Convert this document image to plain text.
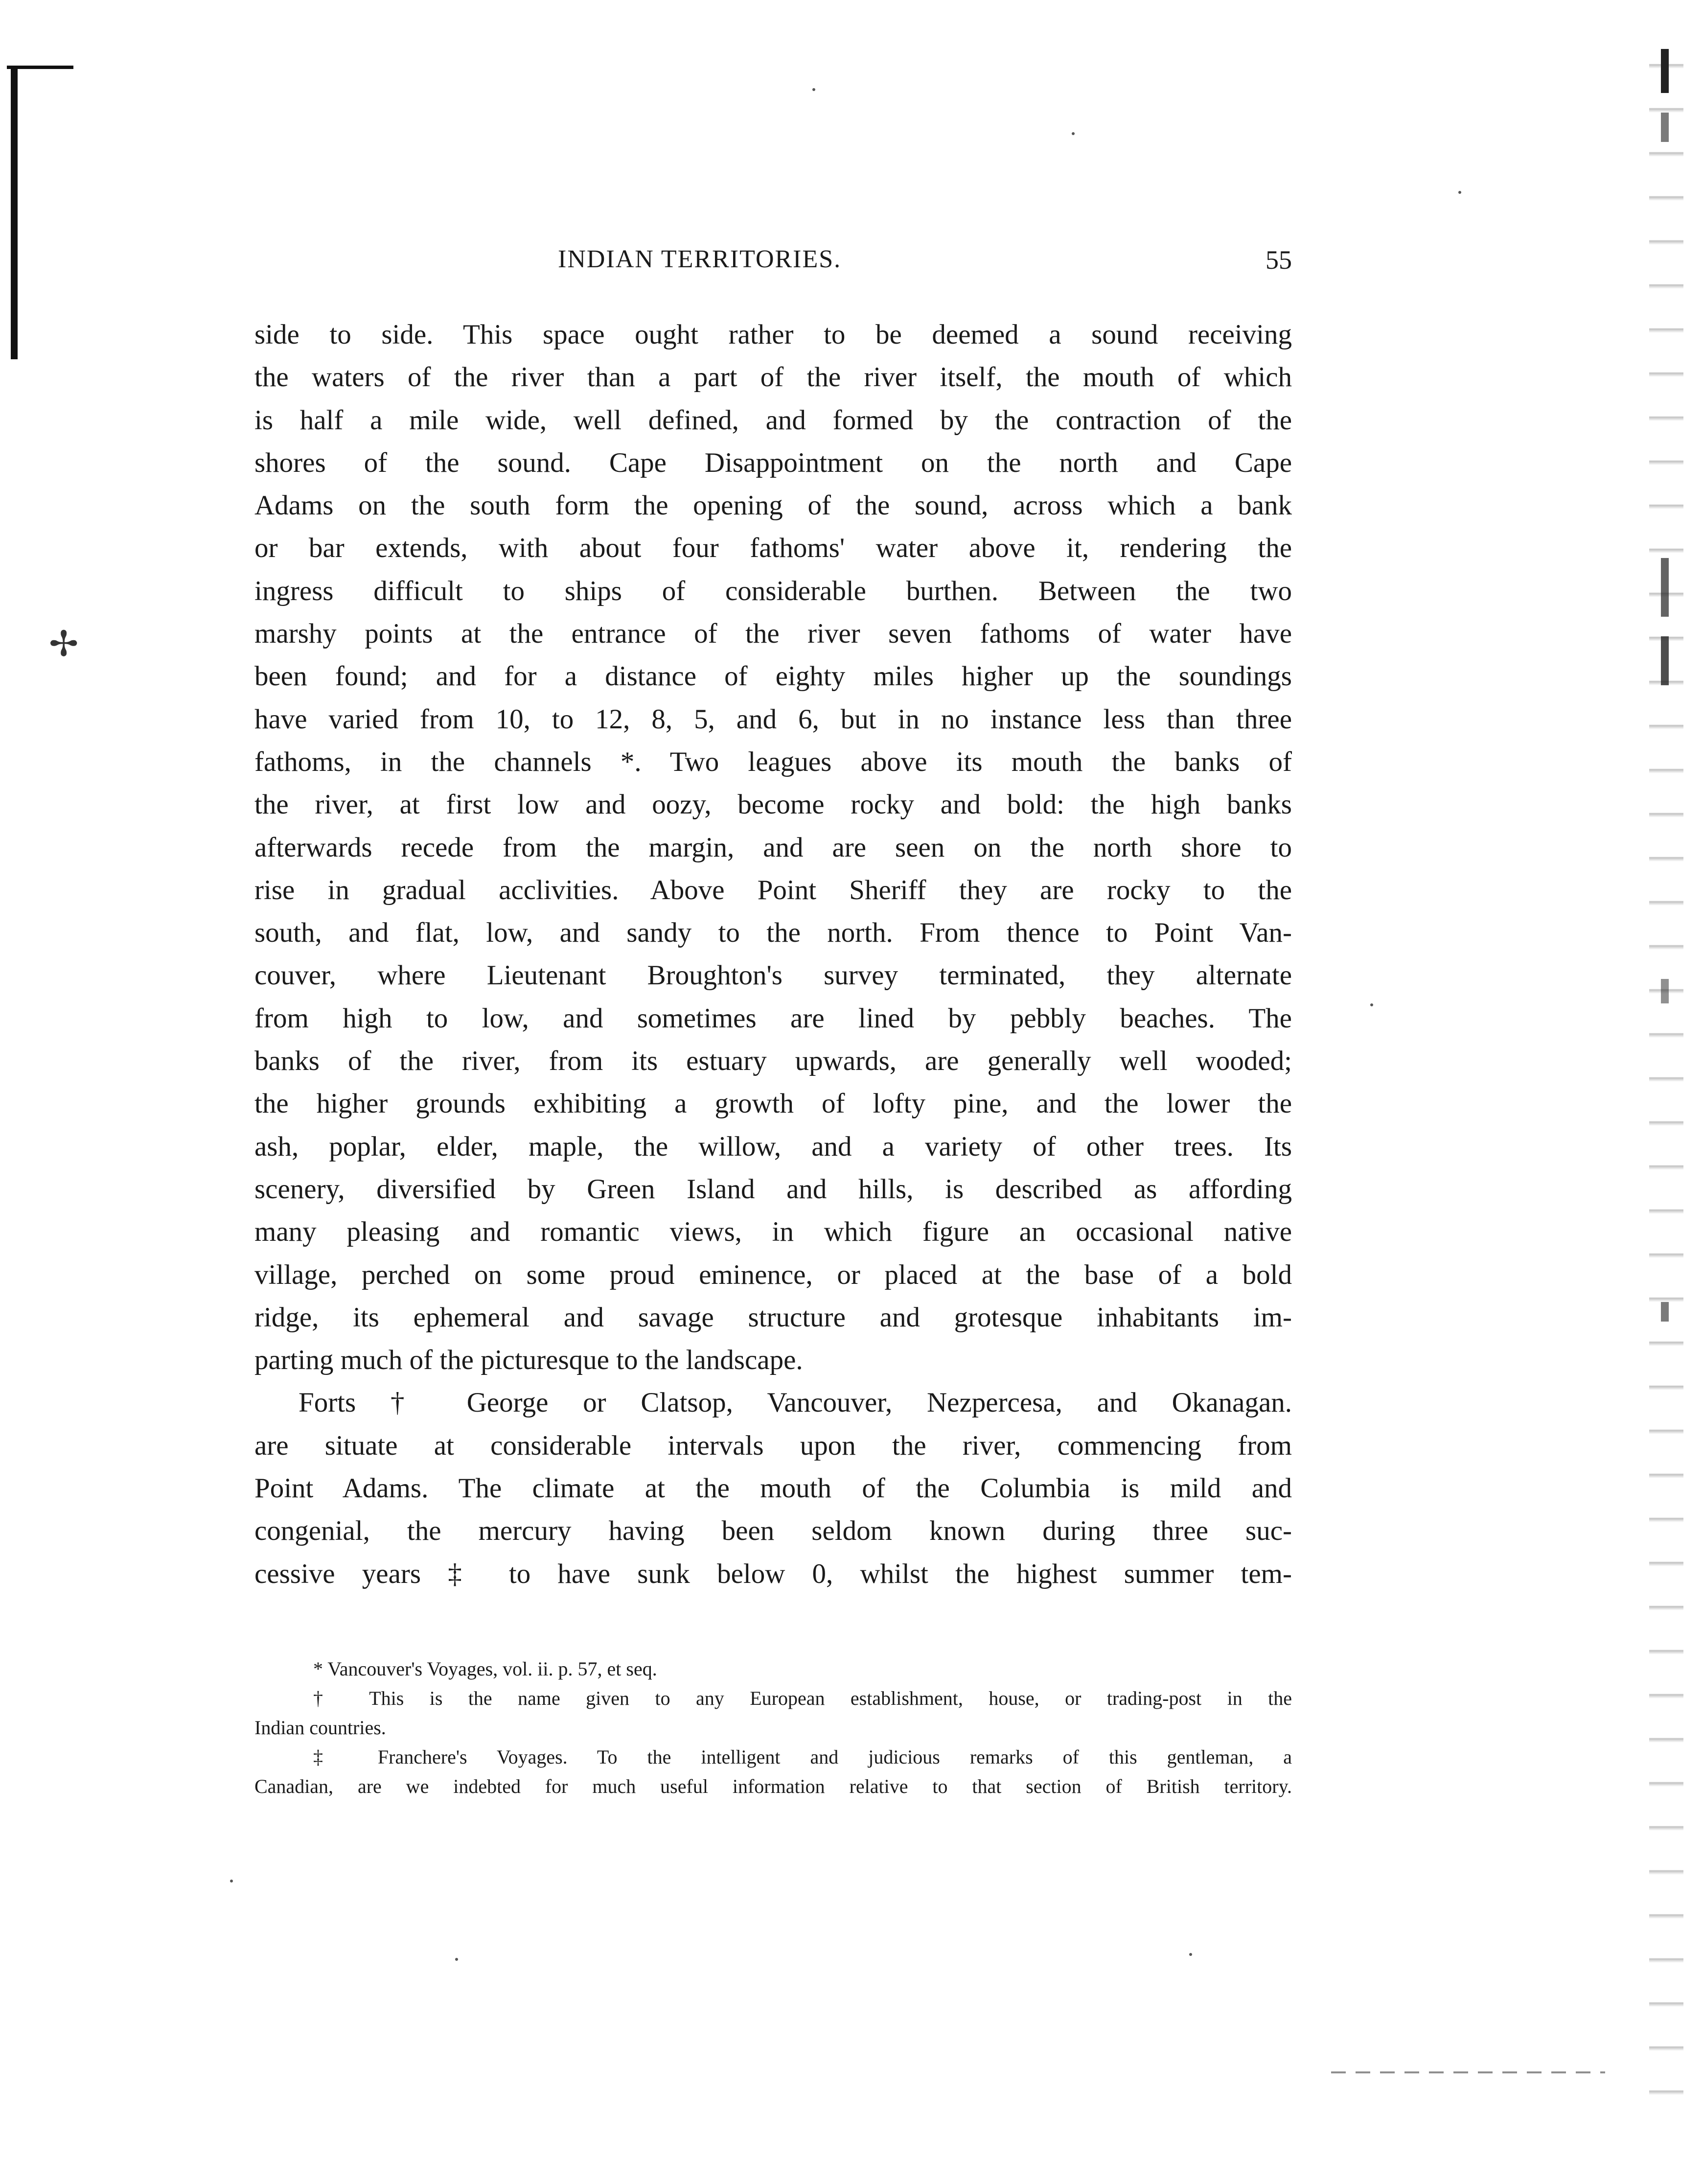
✢
INDIAN TERRITORIES.	55
side to side. This space ought rather to be deemed a sound receiving
the waters of the river than a part of the river itself, the mouth of which
is half a mile wide, well defined, and formed by the contraction of the
shores of the sound. Cape Disappointment on the north and Cape
Adams on the south form the opening of the sound, across which a bank
or bar extends, with about four fathoms' water above it, rendering the
ingress difficult to ships of considerable burthen. Between the two
marshy points at the entrance of the river seven fathoms of water have
been found; and for a distance of eighty miles higher up the soundings
have varied from 10, to 12, 8, 5, and 6, but in no instance less than three
fathoms, in the channels *. Two leagues above its mouth the banks of
the river, at first low and oozy, become rocky and bold: the high banks
afterwards recede from the margin, and are seen on the north shore to
rise in gradual acclivities. Above Point Sheriff they are rocky to the
south, and flat, low, and sandy to the north. From thence to Point Van-
couver, where Lieutenant Broughton's survey terminated, they alternate
from high to low, and sometimes are lined by pebbly beaches. The
banks of the river, from its estuary upwards, are generally well wooded;
the higher grounds exhibiting a growth of lofty pine, and the lower the
ash, poplar, elder, maple, the willow, and a variety of other trees. Its
scenery, diversified by Green Island and hills, is described as affording
many pleasing and romantic views, in which figure an occasional native
village, perched on some proud eminence, or placed at the base of a bold
ridge, its ephemeral and savage structure and grotesque inhabitants im-
parting much of the picturesque to the landscape.
Forts † George or Clatsop, Vancouver, Nezpercesa, and Okanagan.
are situate at considerable intervals upon the river, commencing from
Point Adams. The climate at the mouth of the Columbia is mild and
congenial, the mercury having been seldom known during three suc-
cessive years ‡ to have sunk below 0, whilst the highest summer tem-
* Vancouver's Voyages, vol. ii. p. 57, et seq.
† This is the name given to any European establishment, house, or trading-post in the
Indian countries.
‡ Franchere's Voyages. To the intelligent and judicious remarks of this gentleman, a
Canadian, are we indebted for much useful information relative to that section of British territory.
